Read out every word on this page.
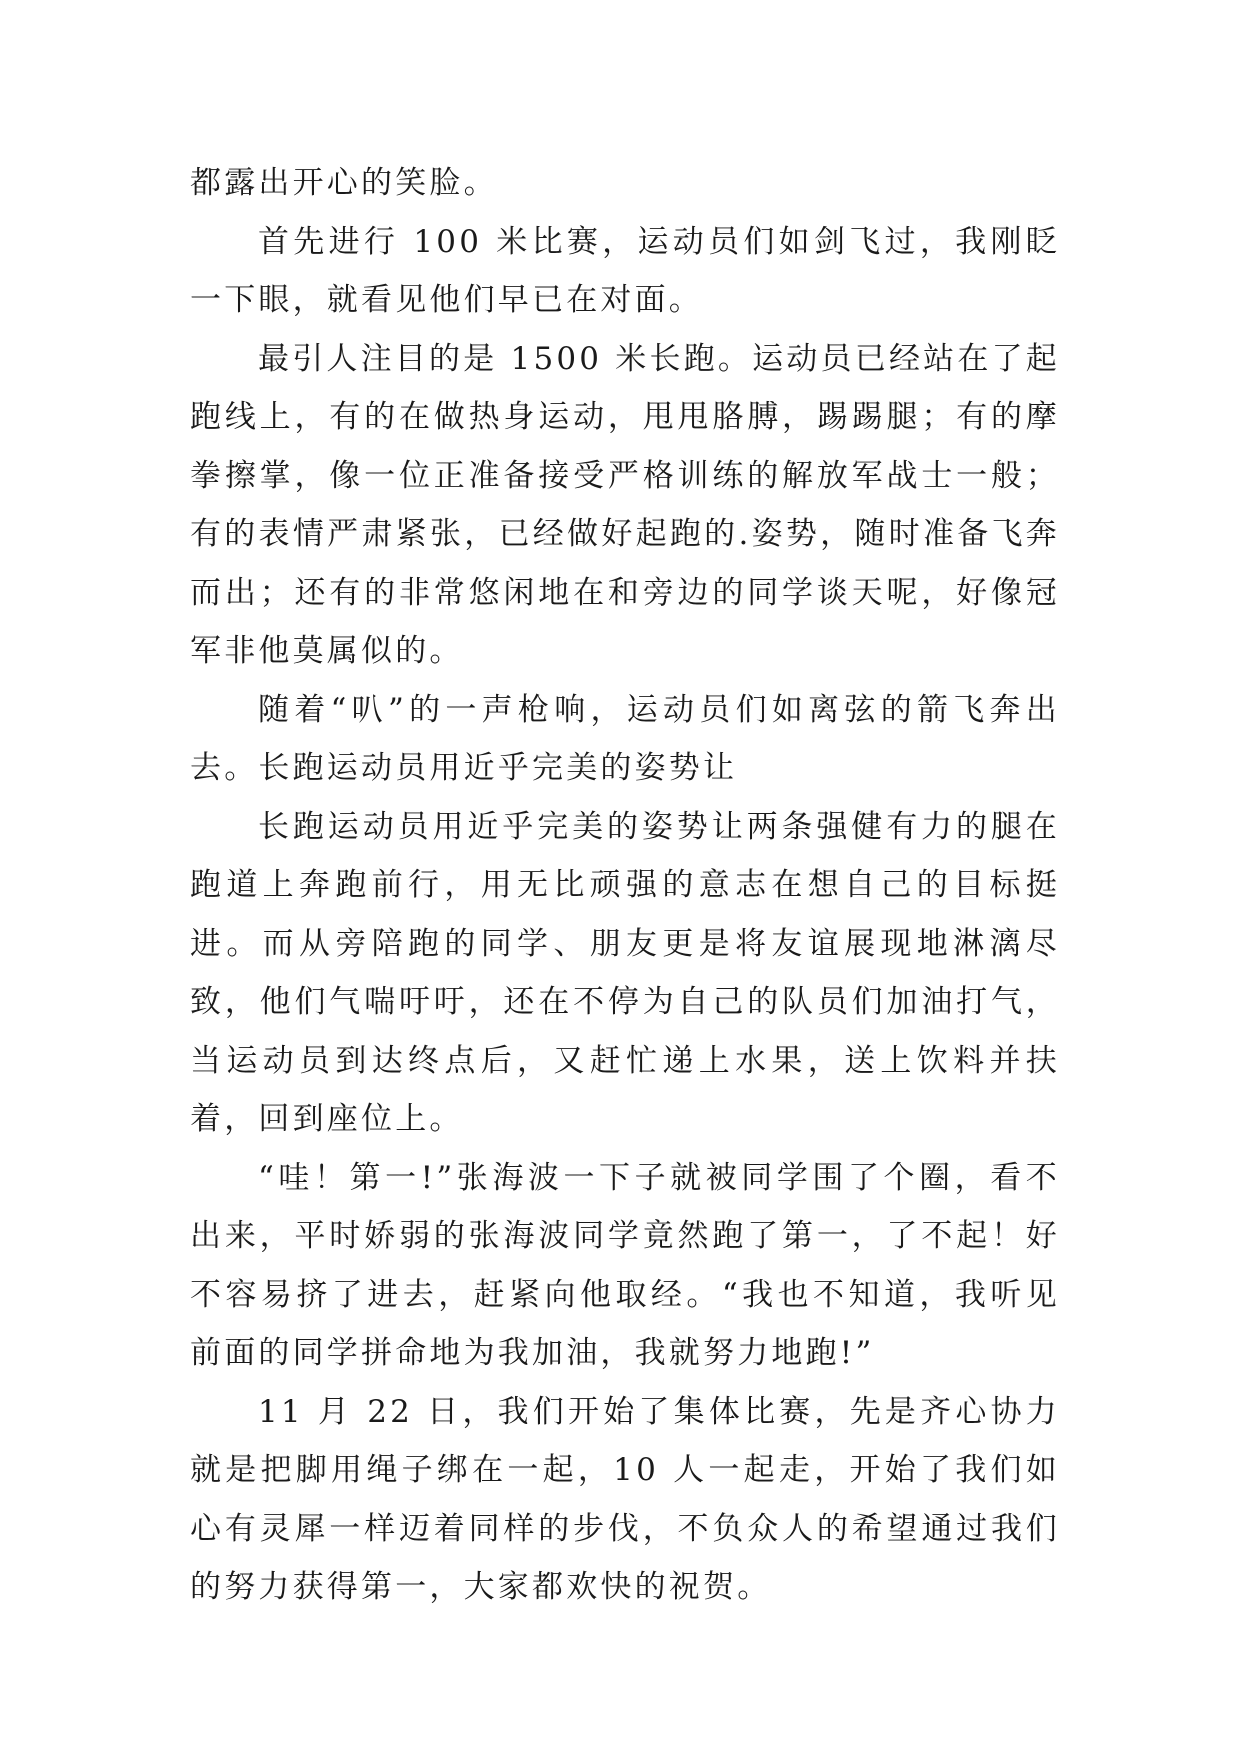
都露出开心的笑脸。

首先进行 100 米比赛，运动员们如剑飞过，我刚眨一下眼，就看见他们早已在对面。

最引人注目的是 1500 米长跑。运动员已经站在了起跑线上，有的在做热身运动，甩甩胳膊，踢踢腿；有的摩拳擦掌，像一位正准备接受严格训练的解放军战士一般；有的表情严肃紧张，已经做好起跑的.姿势，随时准备飞奔而出；还有的非常悠闲地在和旁边的同学谈天呢，好像冠军非他莫属似的。

随着“叭”的一声枪响，运动员们如离弦的箭飞奔出去。长跑运动员用近乎完美的姿势让

长跑运动员用近乎完美的姿势让两条强健有力的腿在跑道上奔跑前行，用无比顽强的意志在想自己的目标挺进。而从旁陪跑的同学、朋友更是将友谊展现地淋漓尽致，他们气喘吁吁，还在不停为自己的队员们加油打气，当运动员到达终点后，又赶忙递上水果，送上饮料并扶着，回到座位上。

“哇！第一!”张海波一下子就被同学围了个圈，看不出来，平时娇弱的张海波同学竟然跑了第一，了不起！好不容易挤了进去，赶紧向他取经。“我也不知道，我听见前面的同学拼命地为我加油，我就努力地跑!”

11 月 22 日，我们开始了集体比赛，先是齐心协力就是把脚用绳子绑在一起，10 人一起走，开始了我们如心有灵犀一样迈着同样的步伐，不负众人的希望通过我们的努力获得第一，大家都欢快的祝贺。
